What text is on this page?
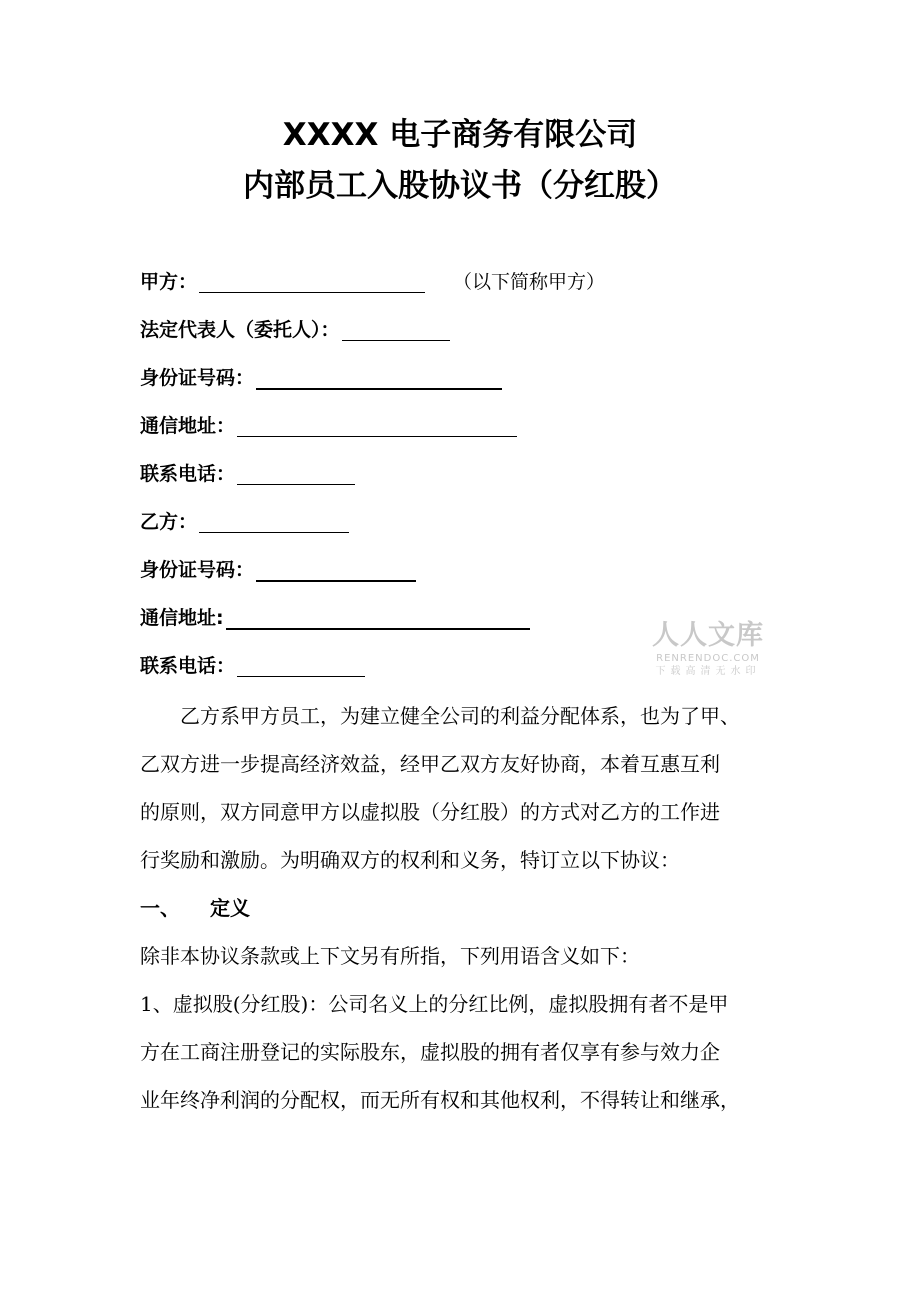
XXXX 电子商务有限公司
内部员工入股协议书（分红股）
甲方：	（以下简称甲方）
法定代表人（委托人）：
身份证号码：
通信地址：
联系电话：
乙方：
身份证号码：
通信地址:
联系电话：
人人文库
RENRENDOC.COM
下载高清无水印
乙方系甲方员工，为建立健全公司的利益分配体系，也为了甲、
乙双方进一步提高经济效益，经甲乙双方友好协商，本着互惠互利
的原则，双方同意甲方以虚拟股（分红股）的方式对乙方的工作进
行奖励和激励。为明确双方的权利和义务，特订立以下协议：
一、 定义
除非本协议条款或上下文另有所指，下列用语含义如下：
1、虚拟股(分红股)：公司名义上的分红比例，虚拟股拥有者不是甲
方在工商注册登记的实际股东，虚拟股的拥有者仅享有参与效力企
业年终净利润的分配权，而无所有权和其他权利，不得转让和继承，
